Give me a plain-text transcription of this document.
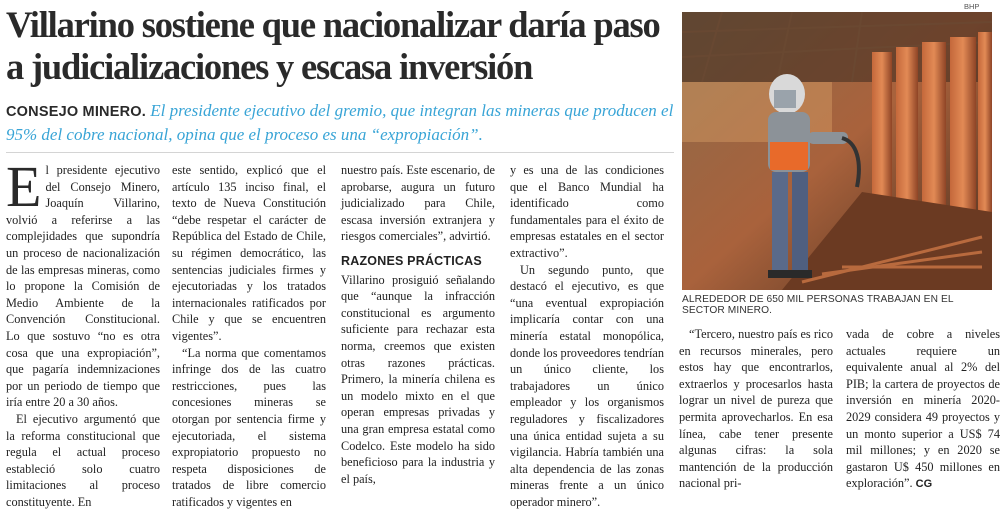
Villarino sostiene que nacionalizar daría paso a judicializaciones y escasa inversión
CONSEJO MINERO. El presidente ejecutivo del gremio, que integran las mineras que producen el 95% del cobre nacional, opina que el proceso es una “expropiación”.
E l presidente ejecutivo del Consejo Minero, Joaquín Villarino, volvió a referirse a las complejidades que supondría un proceso de nacionalización de las empresas mineras, como lo propone la Comisión de Medio Ambiente de la Convención Constitucional. Lo que sostuvo “no es otra cosa que una expropiación”, que pagaría indemnizaciones por un periodo de tiempo que iría entre 20 a 30 años.

El ejecutivo argumentó que la reforma constitucional que regula el actual proceso estableció solo cuatro limitaciones al proceso constituyente. En

este sentido, explicó que el artículo 135 inciso final, el texto de Nueva Constitución “debe respetar el carácter de República del Estado de Chile, su régimen democrático, las sentencias judiciales firmes y ejecutoriadas y los tratados internacionales ratificados por Chile y que se encuentren vigentes”.

“La norma que comentamos infringe dos de las cuatro restricciones, pues las concesiones mineras se otorgan por sentencia firme y ejecutoriada, el sistema expropiatorio propuesto no respeta disposiciones de tratados de libre comercio ratificados y vigentes en

nuestro país. Este escenario, de aprobarse, augura un futuro judicializado para Chile, escasa inversión extranjera y riesgos comerciales”, advirtió.

RAZONES PRÁCTICAS

Villarino prosiguió señalando que “aunque la infracción constitucional es argumento suficiente para rechazar esta norma, creemos que existen otras razones prácticas. Primero, la minería chilena es un modelo mixto en el que operan empresas privadas y una gran empresa estatal como Codelco. Este modelo ha sido beneficioso para la industria y el país,

y es una de las condiciones que el Banco Mundial ha identificado como fundamentales para el éxito de empresas estatales en el sector extractivo”.

Un segundo punto, que destacó el ejecutivo, es que “una eventual expropiación implicaría contar con una minería estatal monopólica, donde los proveedores tendrían un único cliente, los trabajadores un único empleador y los organismos reguladores y fiscalizadores una única entidad sujeta a su vigilancia. Habría también una alta dependencia de las zonas mineras frente a un único operador minero”.

BHP
ALREDEDOR DE 650 MIL PERSONAS TRABAJAN EN EL SECTOR MINERO.

“Tercero, nuestro país es rico en recursos minerales, pero estos hay que encontrarlos, extraerlos y procesarlos hasta lograr un nivel de pureza que permita aprovecharlos. En esa línea, cabe tener presente algunas cifras: la sola mantención de la producción nacional pri-

vada de cobre a niveles actuales requiere un equivalente anual al 2% del PIB; la cartera de proyectos de inversión en minería 2020-2029 considera 49 proyectos y un monto superior a US$ 74 mil millones; y en 2020 se gastaron U$ 450 millones en exploración”. CG
